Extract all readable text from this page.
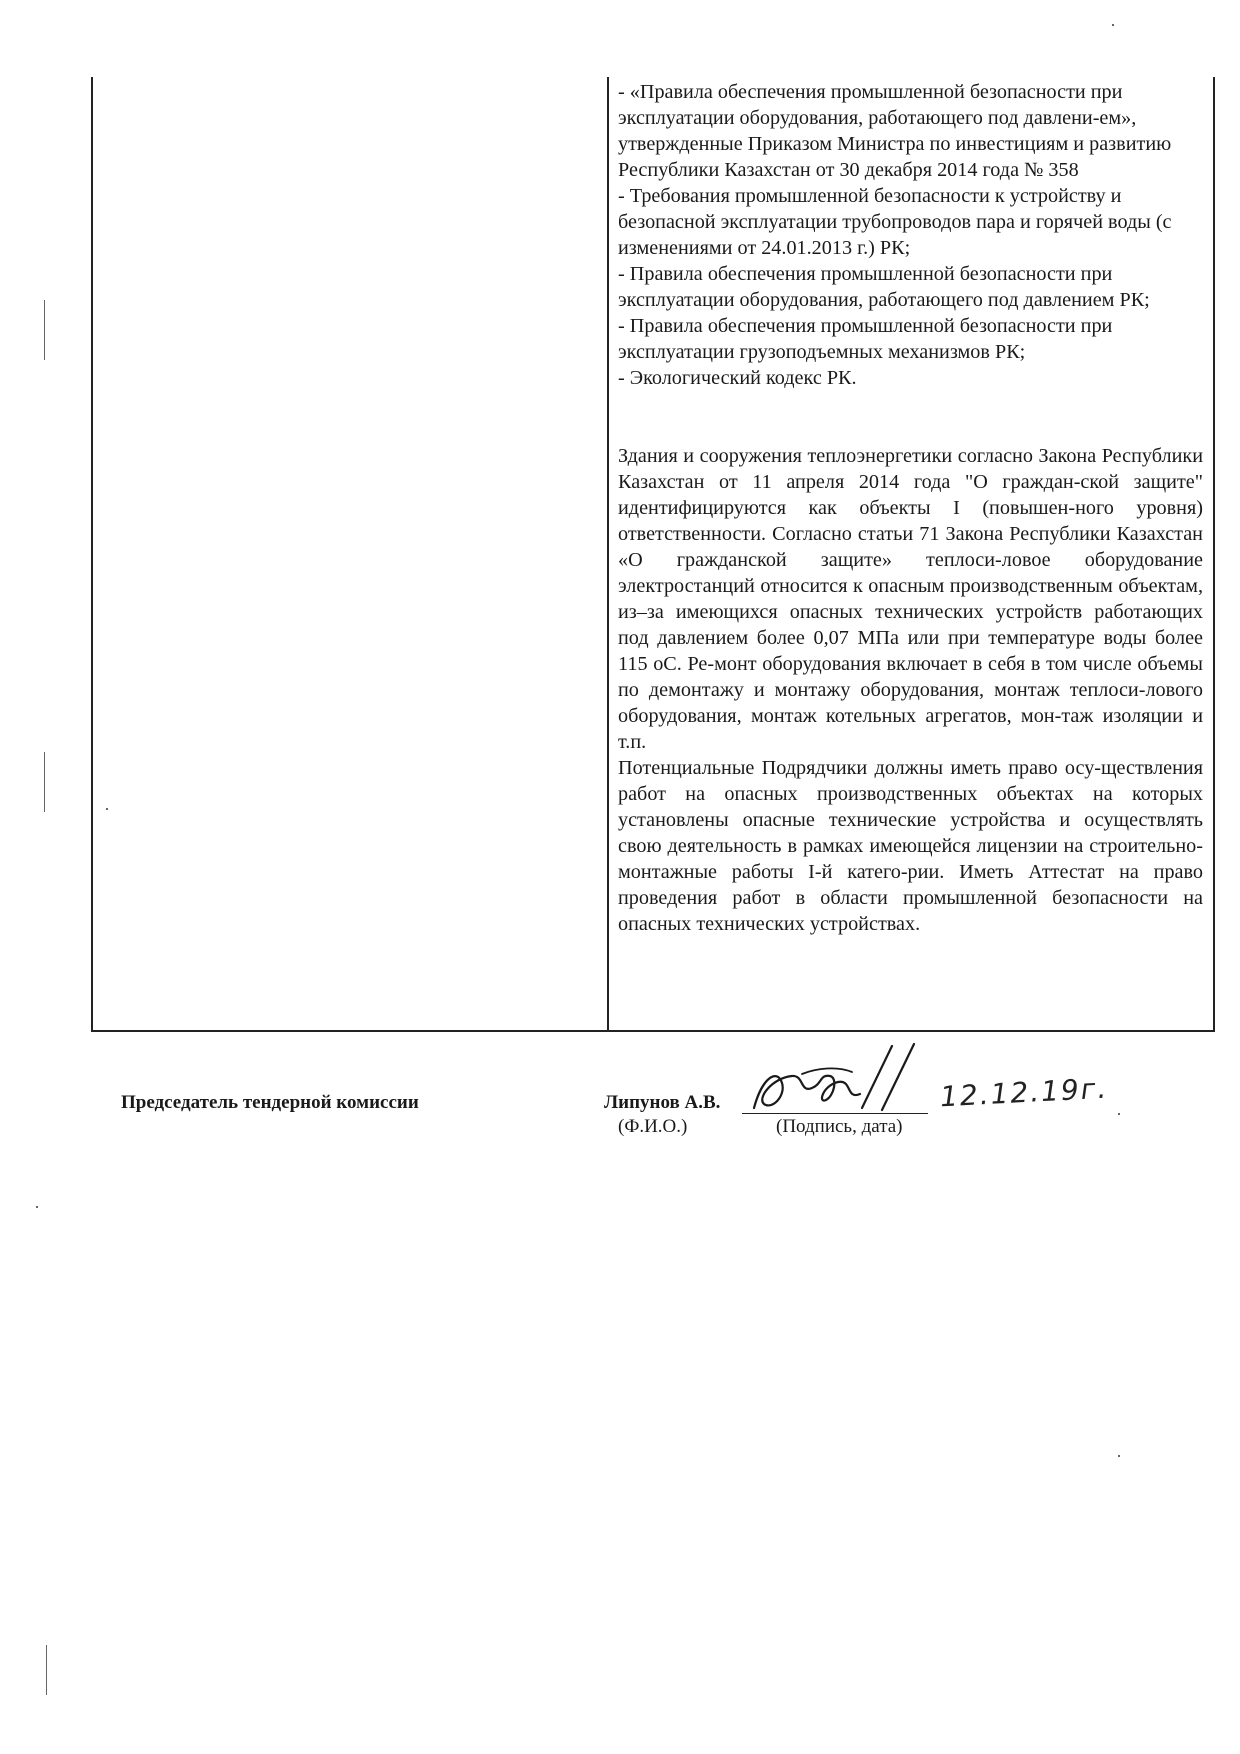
- «Правила обеспечения промышленной безопасности при эксплуатации оборудования, работающего под давлени-ем», утвержденные Приказом Министра по инвестициям и развитию Республики Казахстан от 30 декабря 2014 года № 358

- Требования промышленной безопасности к устройству и безопасной эксплуатации трубопроводов пара и горячей воды (с изменениями от 24.01.2013 г.) РК;

- Правила обеспечения промышленной безопасности при эксплуатации оборудования, работающего под давлением РК;

- Правила обеспечения промышленной безопасности при эксплуатации грузоподъемных механизмов РК;

- Экологический кодекс РК.

Здания и сооружения теплоэнергетики согласно Закона Республики Казахстан от 11 апреля 2014 года "О граждан-ской защите" идентифицируются как объекты I (повышен-ного уровня) ответственности. Согласно статьи 71 Закона Республики Казахстан «О гражданской защите» теплоси-ловое оборудование электростанций относится к опасным производственным объектам, из–за имеющихся опасных технических устройств работающих под давлением более 0,07 МПа или при температуре воды более 115 оС. Ре-монт оборудования включает в себя в том числе объемы по демонтажу и монтажу оборудования, монтаж теплоси-лового оборудования, монтаж котельных агрегатов, мон-таж изоляции и т.п.

Потенциальные Подрядчики должны иметь право осу-ществления работ на опасных производственных объектах на которых установлены опасные технические устройства и осуществлять свою деятельность в рамках имеющейся лицензии на строительно-монтажные работы I-й катего-рии. Иметь Аттестат на право проведения работ в области промышленной безопасности на опасных технических устройствах.

Председатель тендерной комиссии	Липунов А.В.
(Ф.И.О.)	(Подпись, дата)
12.12.19г.
